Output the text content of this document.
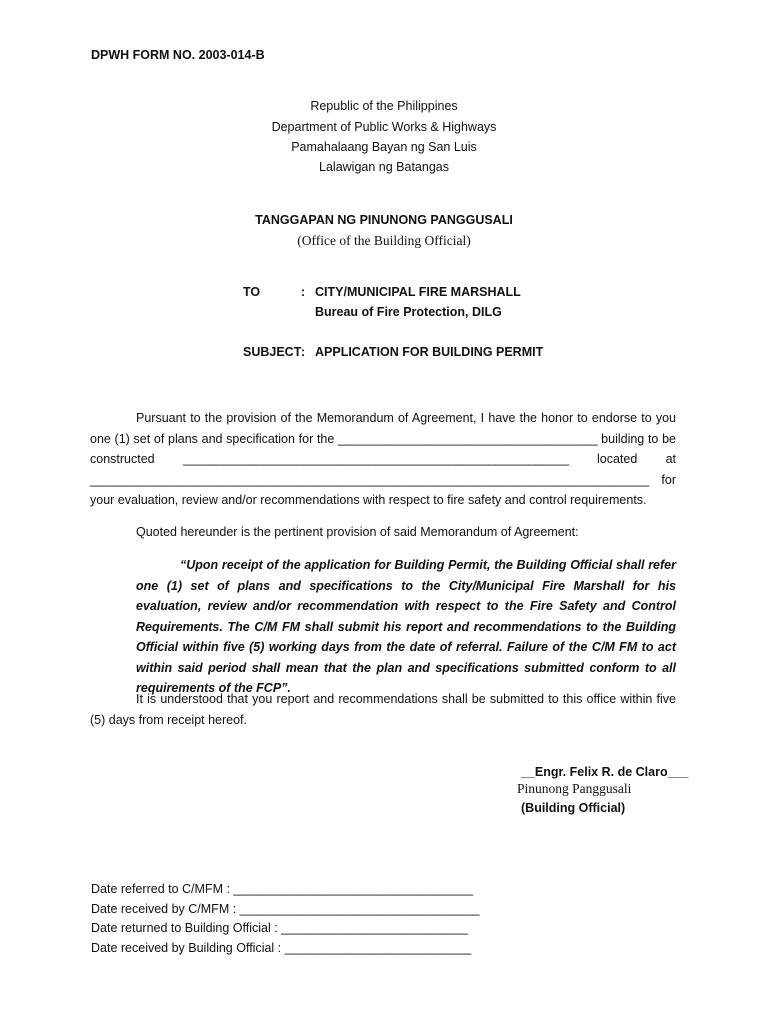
DPWH FORM NO. 2003-014-B
Republic of the Philippines
Department of Public Works & Highways
Pamahalaang Bayan ng San Luis
Lalawigan ng Batangas
TANGGAPAN NG PINUNONG PANGGUSALI
(Office of the Building Official)
TO	: CITY/MUNICIPAL FIRE MARSHALL
Bureau of Fire Protection, DILG
SUBJECT : APPLICATION FOR BUILDING PERMIT
Pursuant to the provision of the Memorandum of Agreement, I have the honor to endorse to you one (1) set of plans and specification for the _______________________________________ building to be constructed __________________________________________________________ located at ____________________________________________________________________________________ for your evaluation, review and/or recommendations with respect to fire safety and control requirements.
Quoted hereunder is the pertinent provision of said Memorandum of Agreement:
“Upon receipt of the application for Building Permit, the Building Official shall refer one (1) set of plans and specifications to the City/Municipal Fire Marshall for his evaluation, review and/or recommendation with respect to the Fire Safety and Control Requirements. The C/M FM shall submit his report and recommendations to the Building Official within five (5) working days from the date of referral. Failure of the C/M FM to act within said period shall mean that the plan and specifications submitted conform to all requirements of the FCP”.
It is understood that you report and recommendations shall be submitted to this office within five (5) days from receipt hereof.
__Engr. Felix R. de Claro___
Pinunong Panggusali
(Building Official)
Date referred to C/MFM : ____________________________________
Date received by C/MFM : ____________________________________
Date returned to Building Official : ____________________________
Date received by Building Official : ____________________________
